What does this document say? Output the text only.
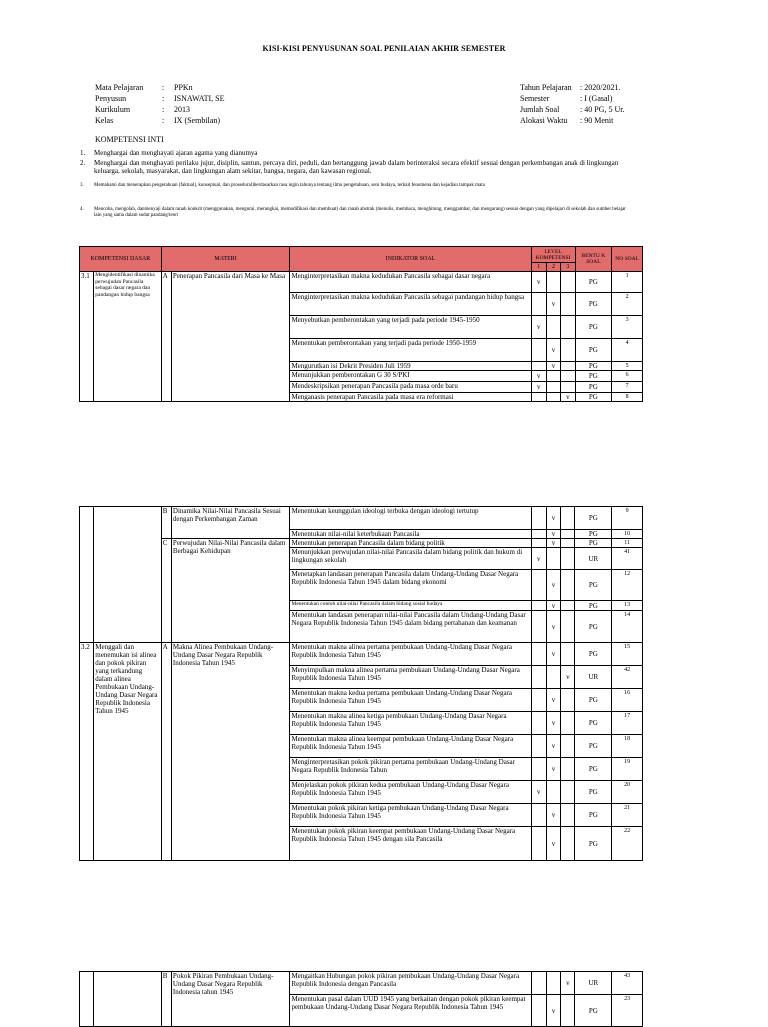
KISI-KISI PENYUSUNAN SOAL PENILAIAN AKHIR SEMESTER
Mata Pelajaran : PPKn
Penyusun	: ISNAWATI, SE
Kurikulum	: 2013
Kelas	: IX (Sembilan)
Tahun Pelajaran : 2020/2021.
Semester	: I (Gasal)
Jumlah Soal	: 40 PG, 5 Ur.
Alokasi Waktu : 90 Menit
KOMPETENSI INTI
1. Menghargai dan menghayati ajaran agama yang dianutnya
2. Menghargai dan menghayati perilaku jujur, disiplin, santun, percaya diri, peduli, dan bertanggung jawab dalam berinteraksi secara efektif sesuai dengan perkembangan anak di lingkungan keluarga, sekolah, masyarakat, dan lingkungan alam sekitar, bangsa, negara, dan kawasan regional.
3. Memahami dan menerapkan pengetahuan (faktual), konseptual, dan prosedural)berdasarkan rasa ingin tahunya tentang ilmu pengetahuan, seni budaya, terkait fenomena dan kejadian tampak mata
4. Mencoba, mengolah, danmenyaji dalam ranah konkrit (menggunakan, mengurai, merangkai, memodifikasi dan membuat) dan ranah abstrak (menulis, membaca, menghitung, menggambar, dan mengarang) sesuai dengan yang dipelajari di sekolah dan sumber belajar lain yang sama dalam sudut pandang/teori
KOMPETENSI DASAR		MATERI		INDIKATOR SOAL	LEVEL KOMPETENSI			BENTU K SOAL	NO SOAL
					1	2	3		
3.1	Mengidentifikasi dinamika perwujudan Pancasila sebagai dasar negara dan pandangan hidup bangsa	A	Penerapan Pancasila dari Masa ke Masa	Menginterpretasikan makna kedudukan Pancasila sebagai dasar negara	v			PG	1
				Menginterpretasikan makna kedudukan Pancasila sebagai pandangan hidup bangsa		v		PG	2
				Menyebutkan pemberontakan yang terjadi pada periode 1945-1950	v			PG	3
				Menentukan pemberontakan yang terjadi pada periode 1950-1959		v		PG	4
				Mengurutkan isi Dekrit Presiden Juli 1959		v		PG	5
				Menunjukkan pemberontakan G 30 S/PKI	v			PG	6
				Mendeskripsikan penerapan Pancasila pada masa orde baru	v			PG	7
				Menganasis penerapan Pancasila pada masa era reformasi			v	PG	8
		B	Dinamika Nilai-Nilai Pancasila Sesuai dengan Perkembangan Zaman	Menentukan keunggulan ideologi terbuka dengan ideologi tertutup		v		PG	9
				Menentukan nilai-nilai keterbukaan Pancasila		v		PG	10
		C	Perwujudan Nilai-Nilai Pancasila dalam Berbagai Kehidupan	Menentukan penerapan Pancasila dalam bidang politik		v		PG	11
				Menunjukkan perwujudan nilai-nilai Pancasila dalam bidang politik dan hukum di lingkungan sekolah	v			UR	41
				Menetapkan landasan penerapan Pancasila dalam Undang-Undang Dasar Negara Republik Indonesia Tahun 1945 dalam bidang ekonomi		v		PG	12
				Menentukan contoh nilai-nilai Pancasila dalam bidang sosial budaya		v		PG	13
				Menentukan landasan penerapan nilai-nilai Pancasila dalam Undang-Undang Dasar Negara Republik Indonesia Tahun 1945 dalam bidang pertahanan dan keamanan		v		PG	14
3.2	Menggali dan menemukan isi alinea dan pokok pikiran yang terkandung dalam alinea Pembukaan Undang-Undang Dasar Negara Republik Indonesia Tahun 1945	A	Makna Alinea Pembukaan Undang-Undang Dasar Negara Republik Indonesia Tahun 1945	Menentukan makna alinea pertama pembukaan Undang-Undang Dasar Negara Republik Indonesia Tahun 1945		v		PG	15
				Menyimpulkan makna alinea pertama pembukaan Undang-Undang Dasar Negara Republik Indonesia Tahun 1945			v	UR	42
				Menentukan makna kedua pertama pembukaan Undang-Undang Dasar Negara Republik Indonesia Tahun 1945		v		PG	16
				Menentukan makna alinea ketiga pembukaan Undang-Undang Dasar Negara Republik Indonesia Tahun 1945		v		PG	17
				Menentukan makna alinea keempat pembukaan Undang-Undang Dasar Negara Republik Indonesia Tahun 1945		v		PG	18
				Menginterpretasikan pokok pikiran pertama pembukaan Undang-Undang Dasar Negara Republik Indonesia Tahun		v		PG	19
				Menjelaskan pokok pikiran kedua pembukaan Undang-Undang Dasar Negara Republik Indonesia Tahun 1945	v			PG	20
				Menentukan pokok pikiran ketiga pembukaan Undang-Undang Dasar Negara Republik Indonesia Tahun 1945		v		PG	21
				Menentukan pokok pikiran keempat pembukaan Undang-Undang Dasar Negara Republik Indonesia Tahun 1945 dengan sila Pancasila		v		PG	22
		B	Pokok Pikiran Pembukaan Undang-Undang Dasar Negara Republik Indonesia tahun 1945	Mengaitkan Hubungan pokok pikiran pembukaan Undang-Undang Dasar Negara Republik Indonesia dengan Pancasila			v	UR	43
				Menentukan pasal dalam UUD 1945 yang berkaitan dengan pokok pikiran keempat pembukaan Undang-Undang Dasar Negara Republik Indonesia Tahun 1945		v		PG	23
